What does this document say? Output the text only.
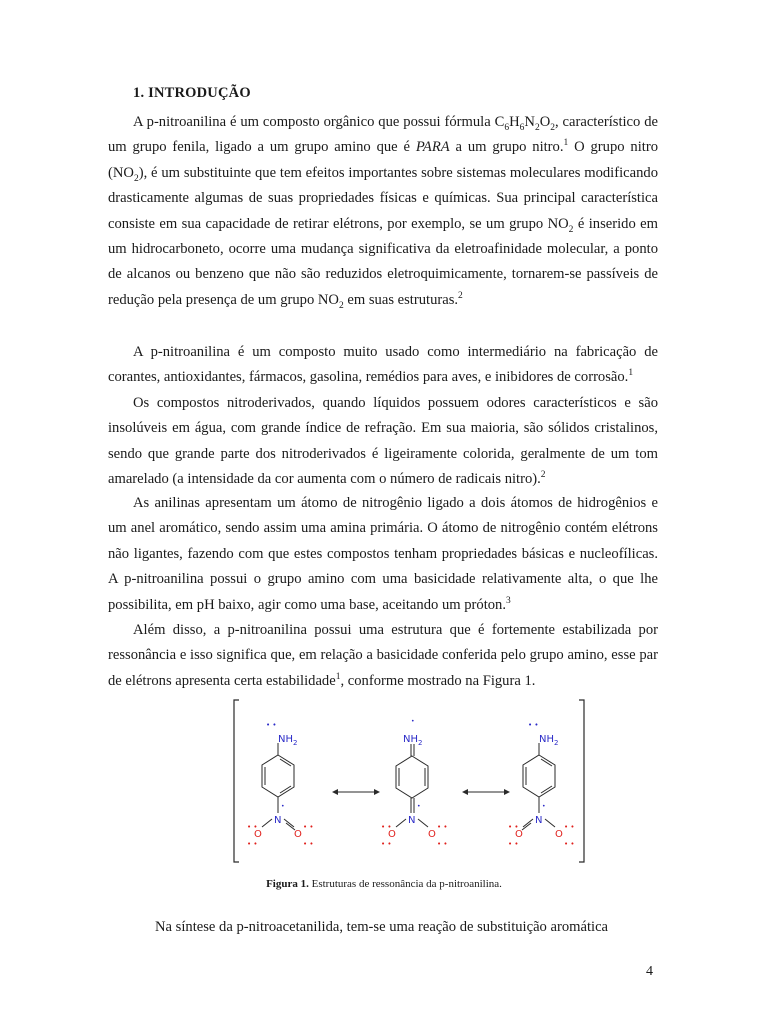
1. INTRODUÇÃO

A p-nitroanilina é um composto orgânico que possui fórmula $C_6H_6N_2O_2$, característico de um grupo fenila, ligado a um grupo amino que é PARA a um grupo nitro.$^1$ O grupo nitro $(NO_2)$, é um substituinte que tem efeitos importantes sobre sistemas moleculares modificando drasticamente algumas de suas propriedades físicas e químicas. Sua principal característica consiste em sua capacidade de retirar elétrons, por exemplo, se um grupo $NO_2$ é inserido em um hidrocarboneto, ocorre uma mudança significativa da eletroafinidade molecular, a ponto de alcanos ou benzeno que não são reduzidos eletroquimicamente, tornarem-se passíveis de redução pela presença de um grupo $NO_2$ em suas estruturas.$^2$

A p-nitroanilina é um composto muito usado como intermediário na fabricação de corantes, antioxidantes, fármacos, gasolina, remédios para aves, e inibidores de corrosão.$^1$

Os compostos nitroderivados, quando líquidos possuem odores característicos e são insolúveis em água, com grande índice de refração. Em sua maioria, são sólidos cristalinos, sendo que grande parte dos nitroderivados é ligeiramente colorida, geralmente de um tom amarelado (a intensidade da cor aumenta com o número de radicais nitro).$^2$

As anilinas apresentam um átomo de nitrogênio ligado a dois átomos de hidrogênios e um anel aromático, sendo assim uma amina primária. O átomo de nitrogênio contém elétrons não ligantes, fazendo com que estes compostos tenham propriedades básicas e nucleofílicas. A p-nitroanilina possui o grupo amino com uma basicidade relativamente alta, o que lhe possibilita, em pH baixo, agir como uma base, aceitando um próton.$^3$

Além disso, a p-nitroanilina possui uma estrutura que é fortemente estabilizada por ressonância e isso significa que, em relação a basicidade conferida pelo grupo amino, esse par de elétrons apresenta certa estabilidade$^1$, conforme mostrado na Figura 1.

• •
$NH_2$
•
N
O	O
• •
• •
• •
• •
•
$NH_2$
•
N
O	O
• •
• •
• •
• •
• •
$NH_2$
•
N
O	O
• •
• •
• •
• •
Figura 1. Estruturas de ressonância da p-nitroanilina.

Na síntese da p-nitroacetanilida, tem-se uma reação de substituição aromática

4
